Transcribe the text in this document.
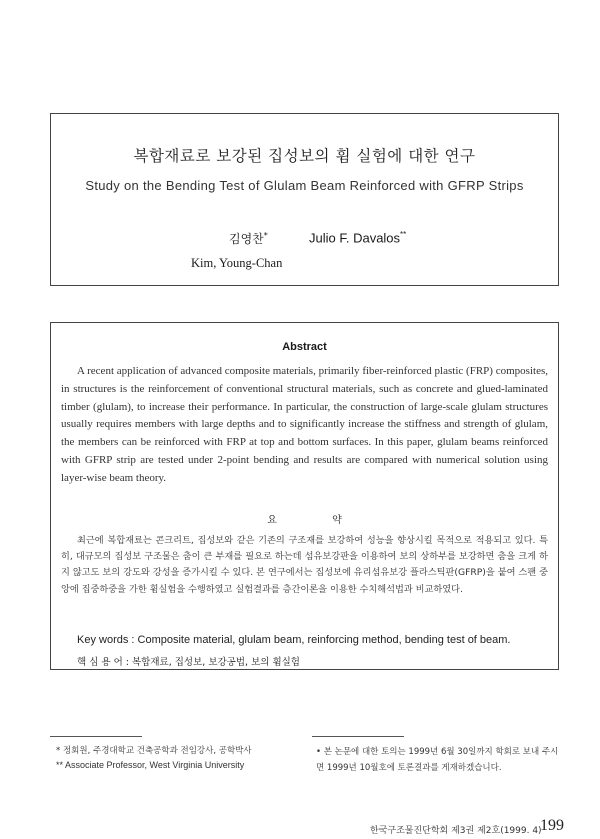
복합재료로 보강된 집성보의 휨 실험에 대한 연구
Study on the Bending Test of Glulam Beam Reinforced with GFRP Strips
김영찬*	Julio F. Davalos**
Kim, Young-Chan
Abstract
A recent application of advanced composite materials, primarily fiber-reinforced plastic (FRP) composites, in structures is the reinforcement of conventional structural materials, such as concrete and glued-laminated timber (glulam), to increase their performance. In particular, the construction of large-scale glulam structures usually requires members with large depths and to significantly increase the stiffness and strength of glulam, the members can be reinforced with FRP at top and bottom surfaces. In this paper, glulam beams reinforced with GFRP strip are tested under 2-point bending and results are compared with numerical solution using layer-wise beam theory.
요 약
최근에 복합재료는 콘크리트, 집성보와 같은 기존의 구조재를 보강하여 성능을 향상시킬 목적으로 적용되고 있다. 특히, 대규모의 집성보 구조물은 춤이 큰 부재를 필요로 하는데 섬유보강판을 이용하여 보의 상하부를 보강하면 춤을 크게 하지 않고도 보의 강도와 강성을 증가시킬 수 있다. 본 연구에서는 집성보에 유리섬유보강 플라스틱판(GFRP)을 붙여 스팬 중앙에 집중하중을 가한 휨실험을 수행하였고 실험결과를 층간이론을 이용한 수치해석법과 비교하였다.
Key words : Composite material, glulam beam, reinforcing method, bending test of beam.
핵 심 용 어 : 복합재료, 집성보, 보강공법, 보의 휨실험
* 정회원, 주경대학교 건축공학과 전임강사, 공학박사
** Associate Professor, West Virginia University
• 본 논문에 대한 토의는 1999년 6월 30일까지 학회로 보내 주시면 1999년 10월호에 토론결과를 게재하겠습니다.
한국구조물진단학회 제3권 제2호(1999. 4)
199
